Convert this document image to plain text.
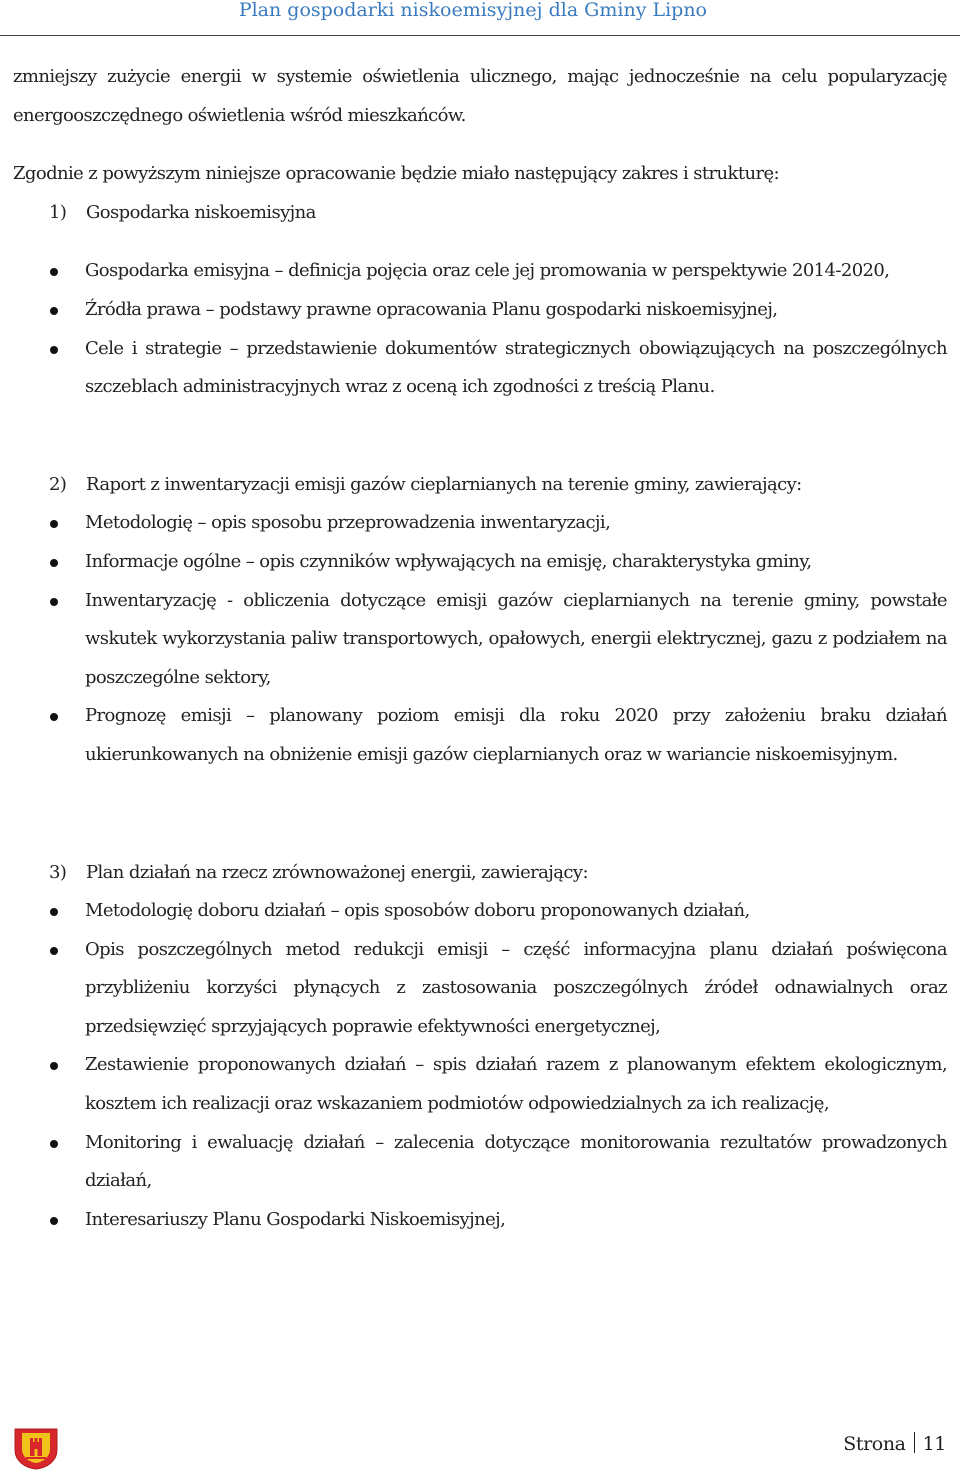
Plan gospodarki niskoemisyjnej dla Gminy Lipno

zmniejszy zużycie energii w systemie oświetlenia ulicznego, mając jednocześnie na celu popularyzację energooszczędnego oświetlenia wśród mieszkańców.

Zgodnie z powyższym niniejsze opracowanie będzie miało następujący zakres i strukturę:

1)	Gospodarka niskoemisyjna

Gospodarka emisyjna – definicja pojęcia oraz cele jej promowania w perspektywie 2014-2020,

Źródła prawa – podstawy prawne opracowania Planu gospodarki niskoemisyjnej,

Cele i strategie – przedstawienie dokumentów strategicznych obowiązujących na poszczególnych szczeblach administracyjnych wraz z oceną ich zgodności z treścią Planu.

2)	Raport z inwentaryzacji emisji gazów cieplarnianych na terenie gminy, zawierający:

Metodologię – opis sposobu przeprowadzenia inwentaryzacji,

Informacje ogólne – opis czynników wpływających na emisję, charakterystyka gminy,

Inwentaryzację - obliczenia dotyczące emisji gazów cieplarnianych na terenie gminy, powstałe wskutek wykorzystania paliw transportowych, opałowych, energii elektrycznej, gazu z podziałem na poszczególne sektory,

Prognozę emisji – planowany poziom emisji dla roku 2020 przy założeniu braku działań ukierunkowanych na obniżenie emisji gazów cieplarnianych oraz w wariancie niskoemisyjnym.

3)	Plan działań na rzecz zrównoważonej energii, zawierający:

Metodologię doboru działań – opis sposobów doboru proponowanych działań,

Opis poszczególnych metod redukcji emisji – część informacyjna planu działań poświęcona przybliżeniu korzyści płynących z zastosowania poszczególnych źródeł odnawialnych oraz przedsięwzięć sprzyjających poprawie efektywności energetycznej,

Zestawienie proponowanych działań – spis działań razem z planowanym efektem ekologicznym, kosztem ich realizacji oraz wskazaniem podmiotów odpowiedzialnych za ich realizację,

Monitoring i ewaluację działań – zalecenia dotyczące monitorowania rezultatów prowadzonych działań,

Interesariuszy Planu Gospodarki Niskoemisyjnej,

Strona 11
